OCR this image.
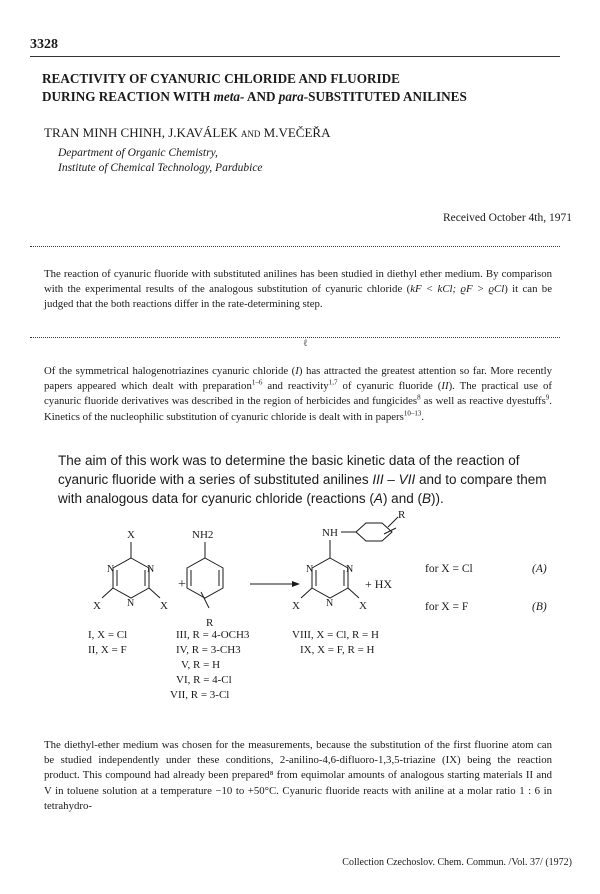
3328
REACTIVITY OF CYANURIC CHLORIDE AND FLUORIDE
DURING REACTION WITH meta- AND para-SUBSTITUTED ANILINES
TRAN MINH CHINH, J.KAVÁLEK and M.VEČEŘA
Department of Organic Chemistry,
Institute of Chemical Technology, Pardubice
Received October 4th, 1971
The reaction of cyanuric fluoride with substituted anilines has been studied in diethyl ether medium. By comparison with the experimental results of the analogous substitution of cyanuric chloride (kF < kCl; ϱF > ϱCl) it can be judged that the both reactions differ in the rate-determining step.
ℓ
Of the symmetrical halogenotriazines cyanuric chloride (I) has attracted the greatest attention so far. More recently papers appeared which dealt with preparation$^{1-6}$ and reactivity$^{1,7}$ of cyanuric fluoride (II). The practical use of cyanuric fluoride derivatives was described in the region of herbicides and fungicides$^8$ as well as reactive dyestuffs$^9$. Kinetics of the nucleophilic substitution of cyanuric chloride is dealt with in papers$^{10-13}$.
The aim of this work was to determine the basic kinetic data of the reaction of cyanuric fluoride with a series of substituted anilines III – VII and to compare them with analogous data for cyanuric chloride (reactions (A) and (B)).
X
N	N
N
X	X
+
NH2
R
NH
R
N	N
N
X	X
+ HX
for X = Cl	(A)
for X = F	(B)
I, X = Cl
II, X = F
III, R = 4-OCH3
IV, R = 3-CH3
V, R = H
VI, R = 4-Cl
VII, R = 3-Cl
VIII, X = Cl, R = H
IX, X = F, R = H
The diethyl-ether medium was chosen for the measurements, because the substitution of the first fluorine atom can be studied independently under these conditions, 2-anilino-4,6-difluoro-1,3,5-triazine (IX) being the reaction product. This compound had already been prepared⁸ from equimolar amounts of analogous starting materials II and V in toluene solution at a temperature −10 to +50°C. Cyanuric fluoride reacts with aniline at a molar ratio 1 : 6 in tetrahydro-
Collection Czechoslov. Chem. Commun. /Vol. 37/ (1972)
